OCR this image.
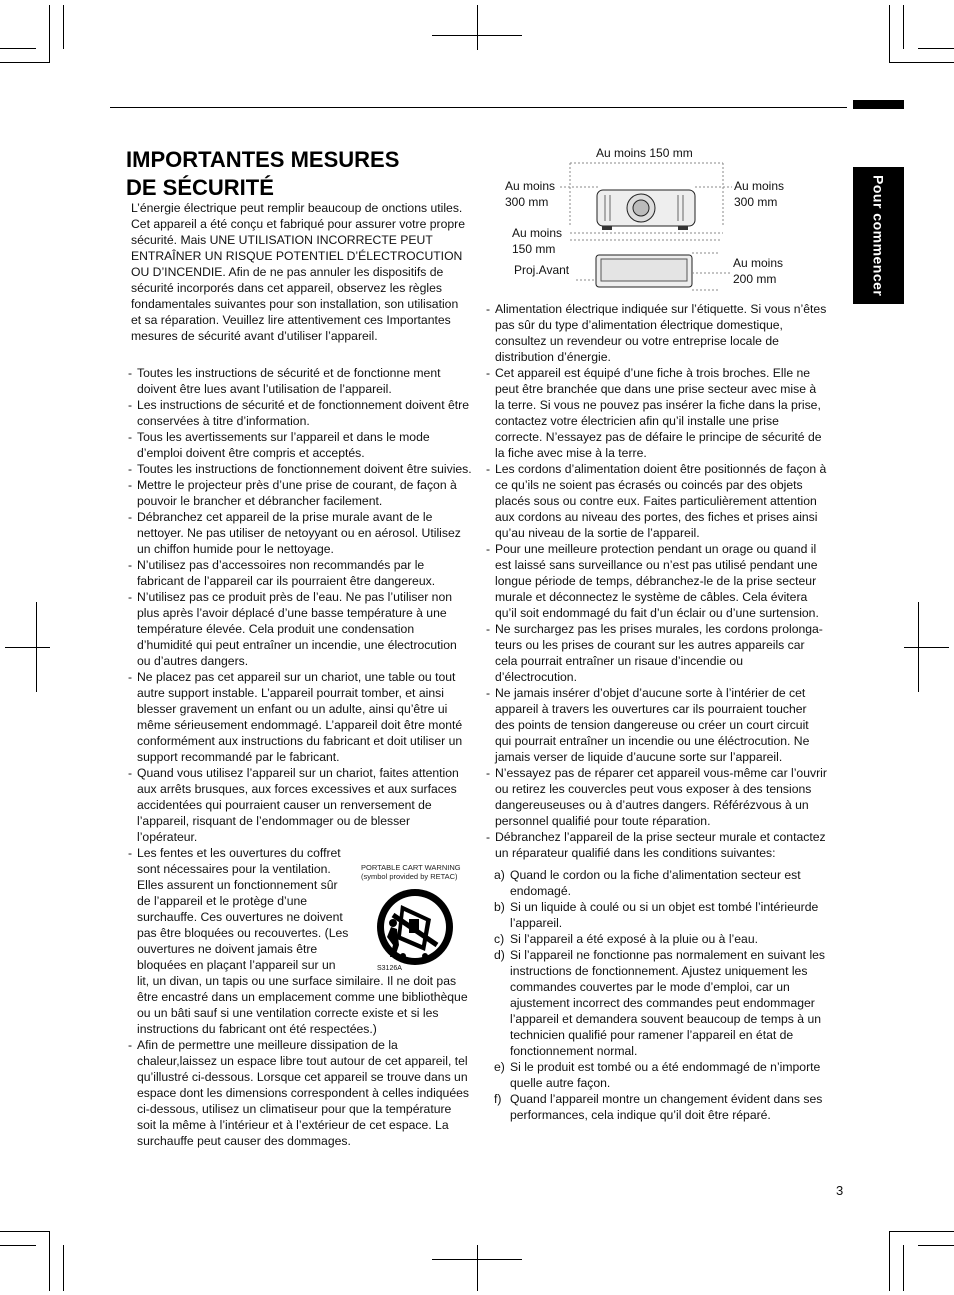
Pour commencer
IMPORTANTES MESURES
DE SÉCURITÉ

L’énergie électrique peut remplir beaucoup de onctions utiles. Cet appareil a été conçu et fabriqué pour assurer votre propre sécurité. Mais UNE UTILISATION INCORRECTE PEUT ENTRAÎNER UN RISQUE POTENTIEL D’ÉLECTROCUTION OU D’INCENDIE. Afin de ne pas annuler les dispositifs de sécurité incorporés dans cet appareil, observez les règles fondamentales suivantes pour son installation, son utilisation et sa réparation. Veuillez lire attentivement ces Importantes mesures de sécurité avant d’utiliser l’appareil.

- Toutes les instructions de sécurité et de fonctionne ment doivent être lues avant l’utilisation de l’appareil.
- Les instructions de sécurité et de fonctionnement doivent être conservées à titre d’information.
- Tous les avertissements sur l’appareil et dans le mode d’emploi doivent être compris et acceptés.
- Toutes les instructions de fonctionnement doivent être suivies.
- Mettre le projecteur près d’une prise de courant, de façon à pouvoir le brancher et débrancher facilement.
- Débranchez cet appareil de la prise murale avant de le nettoyer. Ne pas utiliser de netoyyant ou en aérosol. Utilisez un chiffon humide pour le nettoyage.
- N’utilisez pas d’accessoires non recommandés par le fabricant de l’appareil car ils pourraient être dangereux.
- N’utilisez pas ce produit près de l’eau. Ne pas l’utiliser non plus après l’avoir déplacé d’une basse température à une température élevée. Cela produit une condensation d’humidité qui peut entraîner un incendie, une électrocution ou d’autres dangers.
- Ne placez pas cet appareil sur un chariot, une table ou tout autre support instable. L’appareil pourrait tomber, et ainsi blesser gravement un enfant ou un adulte, ainsi qu’être ui même sérieusement endommagé. L’appareil doit être monté conformément aux instructions du fabricant et doit utiliser un support recommandé par le fabricant.
- Quand vous utilisez l’appareil sur un chariot, faites attention aux arrêts brusques, aux forces excessives et aux surfaces accidentées qui pourraient causer un renversement de l’appareil, risquant de l’endommager ou de blesser l’opérateur.
- Les fentes et les ouvertures du coffret sont nécessaires pour la ventilation. Elles assurent un fonctionnement sûr de l’appareil et le protège d’une surchauffe. Ces ouvertures ne doivent pas être bloquées ou recouvertes. (Les ouvertures ne doivent jamais être bloquées en plaçant l’appareil sur un
lit, un divan, un tapis ou une surface similaire. Il ne doit pas être encastré dans un emplacement comme une bibliothèque ou un bâti sauf si une ventilation correcte existe et si les instructions du fabricant ont été respectées.)
- Afin de permettre une meilleure dissipation de la chaleur,laissez un espace libre tout autour de cet appareil, tel qu’illustré ci-dessous. Lorsque cet appareil se trouve dans un espace dont les dimensions correspondent à celles indiquées ci-dessous, utilisez un climatiseur pour que la température soit la même à l’intérieur et à l’extérieur de cet espace. La surchauffe peut causer des dommages.
PORTABLE CART WARNING
(symbol provided by RETAC)
S3126A
Au moins 150 mm
Au moins
300 mm
Au moins
300 mm
Au moins
150 mm
Proj.Avant	Au moins
200 mm
- Alimentation électrique indiquée sur l’étiquette. Si vous n’êtes pas sûr du type d’alimentation électrique domestique, consultez un revendeur ou votre entreprise locale de distribution d’énergie.
- Cet appareil est équipé d’une fiche à trois broches. Elle ne peut être branchée que dans une prise secteur avec mise à la terre. Si vous ne pouvez pas insérer la fiche dans la prise, contactez votre électricien afin qu’il installe une prise correcte. N’essayez pas de défaire le principe de sécurité de la fiche avec mise à la terre.
- Les cordons d’alimentation doient être positionnés de façon à ce qu’ils ne soient pas écrasés ou coincés par des objets placés sous ou contre eux. Faites particulièrement attention aux cordons au niveau des portes, des fiches et prises ainsi qu’au niveau de la sortie de l’appareil.
- Pour une meilleure protection pendant un orage ou quand il est laissé sans surveillance ou n’est pas utilisé pendant une longue période de temps, débranchez-le de la prise secteur murale et déconnectez le système de câbles. Cela évitera qu’il soit endommagé du fait d’un éclair ou d’une surtension.
- Ne surchargez pas les prises murales, les cordons prolonga-teurs ou les prises de courant sur les autres appareils car cela pourrait entraîner un risaue d’incendie ou d’électrocution.
- Ne jamais insérer d’objet d’aucune sorte à l’intérier de cet appareil à travers les ouvertures car ils pourraient toucher des points de tension dangereuse ou créer un court circuit qui pourrait entraîner un incendie ou une éléctrocution. Ne jamais verser de liquide d’aucune sorte sur l’appareil.
- N’essayez pas de réparer cet appareil vous-même car l’ouvrir ou retirez les couvercles peut vous exposer à des tensions dangereuseuses ou à d’autres dangers. Référézvous à un personnel qualifié pour toute réparation.
- Débranchez l’appareil de la prise secteur murale et contactez un réparateur qualifié dans les conditions suivantes:
a) Quand le cordon ou la fiche d’alimentation secteur est endomagé.
b) Si un liquide à coulé ou si un objet est tombé l’intérieurde l’appareil.
c) Si l’appareil a été exposé à la pluie ou à l’eau.
d) Si l’appareil ne fonctionne pas normalement en suivant les instructions de fonctionnement. Ajustez uniquement les commandes couvertes par le mode d’emploi, car un ajustement incorrect des commandes peut endommager l’appareil et demandera souvent beaucoup de temps à un technicien qualifié pour ramener l’appareil en état de fonctionnement normal.
e) Si le produit est tombé ou a été endommagé de n’importe quelle autre façon.
f) Quand l’appareil montre un changement évident dans ses performances, cela indique qu’il doit être réparé.
3
